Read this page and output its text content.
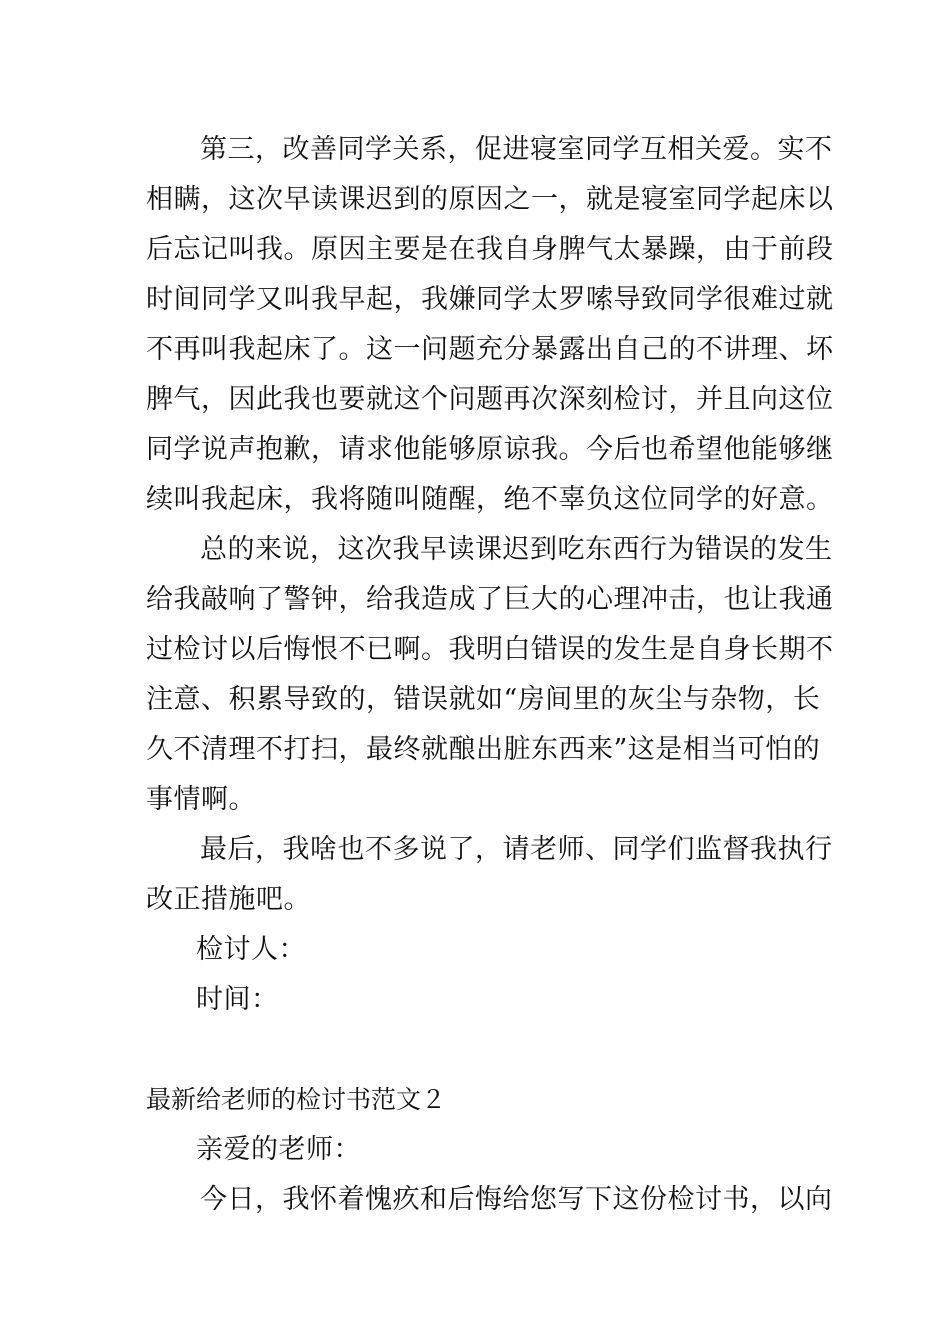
第三，改善同学关系，促进寝室同学互相关爱。实不
相瞒，这次早读课迟到的原因之一，就是寝室同学起床以
后忘记叫我。原因主要是在我自身脾气太暴躁，由于前段
时间同学又叫我早起，我嫌同学太罗嗦导致同学很难过就
不再叫我起床了。这一问题充分暴露出自己的不讲理、坏
脾气，因此我也要就这个问题再次深刻检讨，并且向这位
同学说声抱歉，请求他能够原谅我。今后也希望他能够继
续叫我起床，我将随叫随醒，绝不辜负这位同学的好意。
总的来说，这次我早读课迟到吃东西行为错误的发生
给我敲响了警钟，给我造成了巨大的心理冲击，也让我通
过检讨以后悔恨不已啊。我明白错误的发生是自身长期不
注意、积累导致的，错误就如“房间里的灰尘与杂物，长
久不清理不打扫，最终就酿出脏东西来”这是相当可怕的
事情啊。
最后，我啥也不多说了，请老师、同学们监督我执行
改正措施吧。
检讨人：
时间：
最新给老师的检讨书范文２
亲爱的老师：
今日，我怀着愧疚和后悔给您写下这份检讨书，以向
